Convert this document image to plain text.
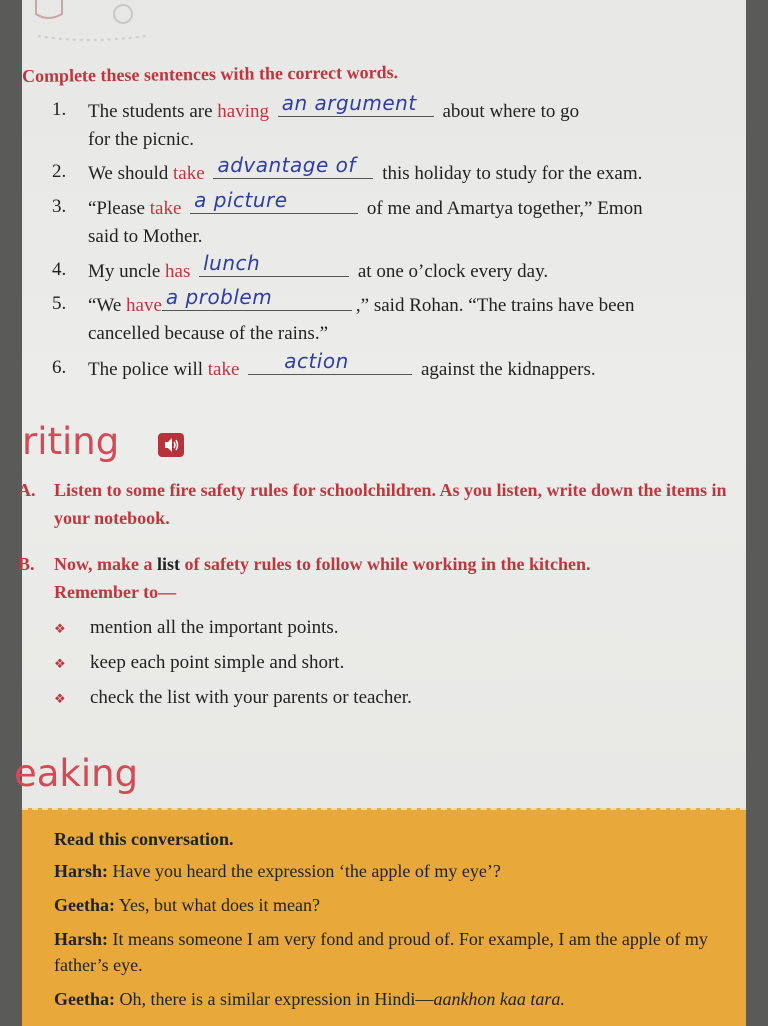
Complete these sentences with the correct words.
1. The students are having an argument about where to go
for the picnic.
2. We should take advantage of this holiday to study for the exam.
3. “Please take a picture	of me and Amartya together,” Emon
said to Mother.
4. My uncle has lunch	at one o’clock every day.
5. “We have a problem	,” said Rohan. “The trains have been
cancelled because of the rains.”
6. The police will take action	against the kidnappers.
riting
A. Listen to some fire safety rules for schoolchildren. As you listen, write down the items in your notebook.
B. Now, make a list of safety rules to follow while working in the kitchen.
Remember to—
❖ mention all the important points.
❖ keep each point simple and short.
❖ check the list with your parents or teacher.
eaking
Read this conversation.
Harsh: Have you heard the expression ‘the apple of my eye’?
Geetha: Yes, but what does it mean?
Harsh: It means someone I am very fond and proud of. For example, I am the apple of my father’s eye.
Geetha: Oh, there is a similar expression in Hindi—aankhon kaa tara.
